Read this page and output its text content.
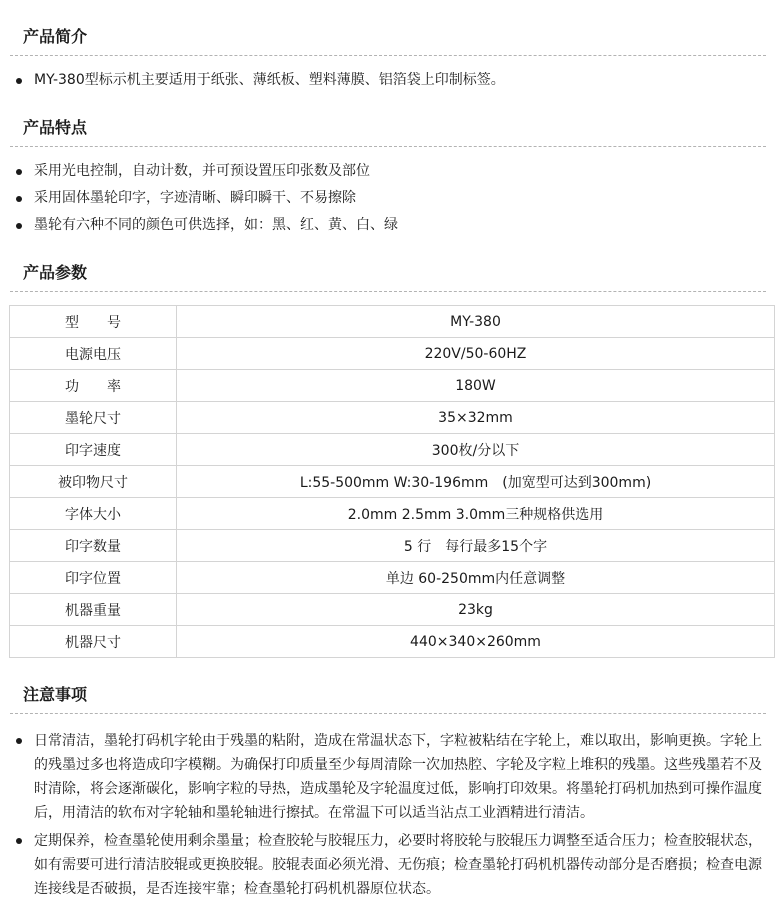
产品简介
MY-380型标示机主要适用于纸张、薄纸板、塑料薄膜、铝箔袋上印制标签。
产品特点
采用光电控制，自动计数，并可预设置压印张数及部位
采用固体墨轮印字，字迹清晰、瞬印瞬干、不易擦除
墨轮有六种不同的颜色可供选择，如：黑、红、黄、白、绿
产品参数
型　　号	MY-380
电源电压	220V/50-60HZ
功　　率	180W
墨轮尺寸	35×32mm
印字速度	300枚/分以下
被印物尺寸	L:55-500mm W:30-196mm　(加宽型可达到300mm)
字体大小	2.0mm 2.5mm 3.0mm三种规格供选用
印字数量	5 行　每行最多15个字
印字位置	单边 60-250mm内任意调整
机器重量	23kg
机器尺寸	440×340×260mm
注意事项
日常清洁，墨轮打码机字轮由于残墨的粘附，造成在常温状态下，字粒被粘结在字轮上，难以取出，影响更换。字轮上的残墨过多也将造成印字模糊。为确保打印质量至少每周清除一次加热腔、字轮及字粒上堆积的残墨。这些残墨若不及时清除，将会逐渐碳化，影响字粒的导热，造成墨轮及字轮温度过低，影响打印效果。将墨轮打码机加热到可操作温度后，用清洁的软布对字轮轴和墨轮轴进行擦拭。在常温下可以适当沾点工业酒精进行清洁。
定期保养，检查墨轮使用剩余墨量；检查胶轮与胶辊压力，必要时将胶轮与胶辊压力调整至适合压力；检查胶辊状态，如有需要可进行清洁胶辊或更换胶辊。胶辊表面必须光滑、无伤痕；检查墨轮打码机机器传动部分是否磨损；检查电源连接线是否破损，是否连接牢靠；检查墨轮打码机机器原位状态。
